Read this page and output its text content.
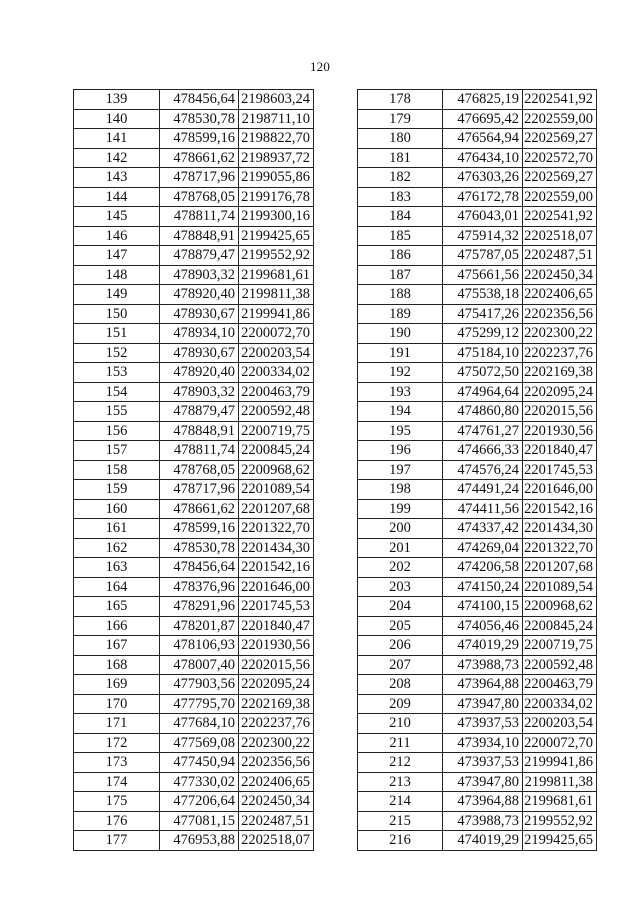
120
139	478456,64	2198603,24
140	478530,78	2198711,10
141	478599,16	2198822,70
142	478661,62	2198937,72
143	478717,96	2199055,86
144	478768,05	2199176,78
145	478811,74	2199300,16
146	478848,91	2199425,65
147	478879,47	2199552,92
148	478903,32	2199681,61
149	478920,40	2199811,38
150	478930,67	2199941,86
151	478934,10	2200072,70
152	478930,67	2200203,54
153	478920,40	2200334,02
154	478903,32	2200463,79
155	478879,47	2200592,48
156	478848,91	2200719,75
157	478811,74	2200845,24
158	478768,05	2200968,62
159	478717,96	2201089,54
160	478661,62	2201207,68
161	478599,16	2201322,70
162	478530,78	2201434,30
163	478456,64	2201542,16
164	478376,96	2201646,00
165	478291,96	2201745,53
166	478201,87	2201840,47
167	478106,93	2201930,56
168	478007,40	2202015,56
169	477903,56	2202095,24
170	477795,70	2202169,38
171	477684,10	2202237,76
172	477569,08	2202300,22
173	477450,94	2202356,56
174	477330,02	2202406,65
175	477206,64	2202450,34
176	477081,15	2202487,51
177	476953,88	2202518,07
178	476825,19	2202541,92
179	476695,42	2202559,00
180	476564,94	2202569,27
181	476434,10	2202572,70
182	476303,26	2202569,27
183	476172,78	2202559,00
184	476043,01	2202541,92
185	475914,32	2202518,07
186	475787,05	2202487,51
187	475661,56	2202450,34
188	475538,18	2202406,65
189	475417,26	2202356,56
190	475299,12	2202300,22
191	475184,10	2202237,76
192	475072,50	2202169,38
193	474964,64	2202095,24
194	474860,80	2202015,56
195	474761,27	2201930,56
196	474666,33	2201840,47
197	474576,24	2201745,53
198	474491,24	2201646,00
199	474411,56	2201542,16
200	474337,42	2201434,30
201	474269,04	2201322,70
202	474206,58	2201207,68
203	474150,24	2201089,54
204	474100,15	2200968,62
205	474056,46	2200845,24
206	474019,29	2200719,75
207	473988,73	2200592,48
208	473964,88	2200463,79
209	473947,80	2200334,02
210	473937,53	2200203,54
211	473934,10	2200072,70
212	473937,53	2199941,86
213	473947,80	2199811,38
214	473964,88	2199681,61
215	473988,73	2199552,92
216	474019,29	2199425,65
